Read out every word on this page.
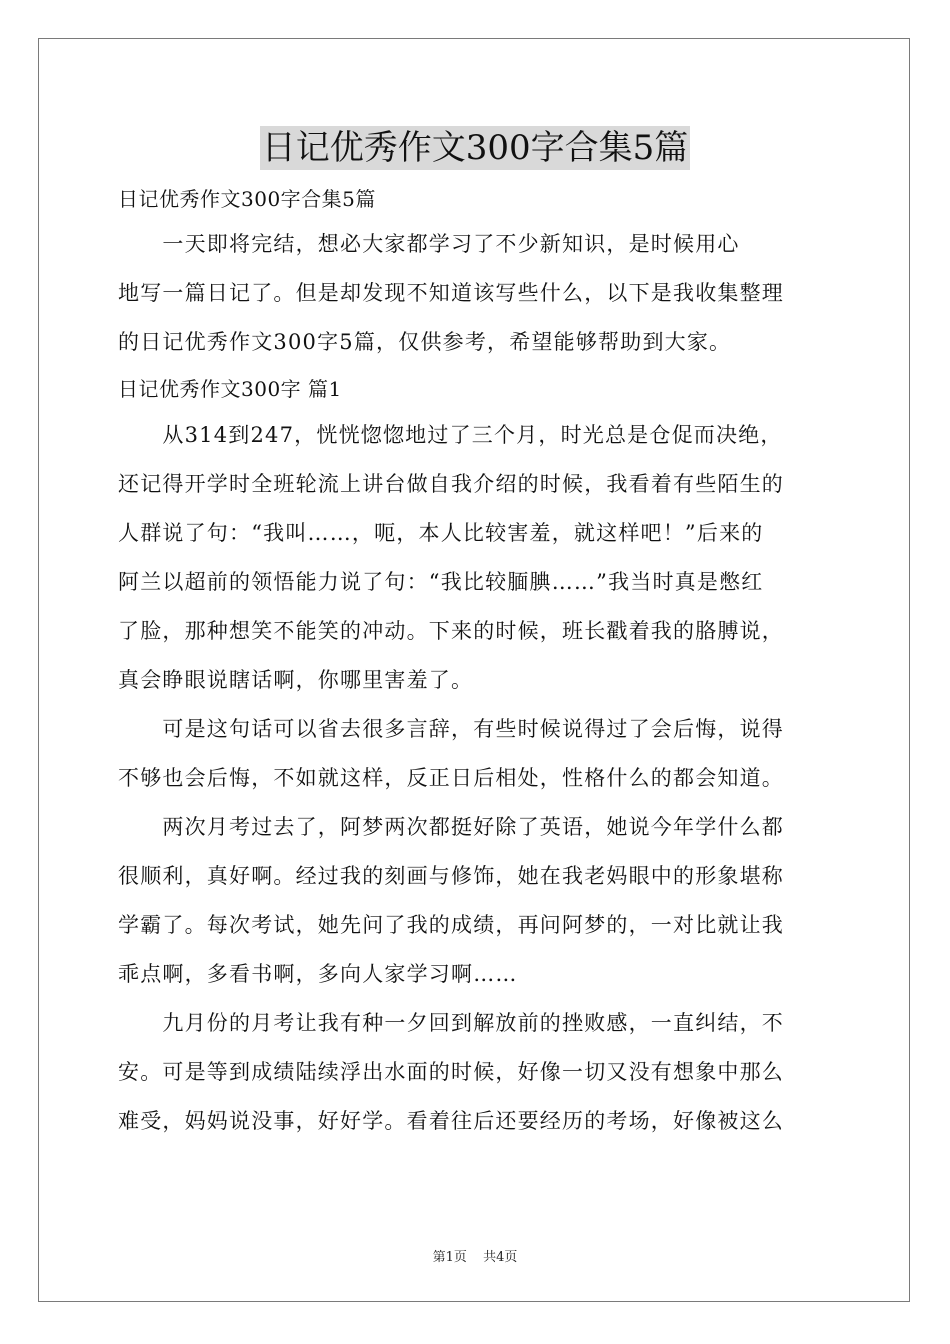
日记优秀作文300字合集5篇

日记优秀作文300字合集5篇

　　一天即将完结，想必大家都学习了不少新知识，是时候用心

地写一篇日记了。但是却发现不知道该写些什么，以下是我收集整理

的日记优秀作文300字5篇，仅供参考，希望能够帮助到大家。

日记优秀作文300字 篇1

　　从314到247，恍恍惚惚地过了三个月，时光总是仓促而决绝，

还记得开学时全班轮流上讲台做自我介绍的时候，我看着有些陌生的

人群说了句：“我叫……，呃，本人比较害羞，就这样吧！”后来的

阿兰以超前的领悟能力说了句：“我比较腼腆……”我当时真是憋红

了脸，那种想笑不能笑的冲动。下来的时候，班长戳着我的胳膊说，

真会睁眼说瞎话啊，你哪里害羞了。

　　可是这句话可以省去很多言辞，有些时候说得过了会后悔，说得

不够也会后悔，不如就这样，反正日后相处，性格什么的都会知道。

　　两次月考过去了，阿梦两次都挺好除了英语，她说今年学什么都

很顺利，真好啊。经过我的刻画与修饰，她在我老妈眼中的形象堪称

学霸了。每次考试，她先问了我的成绩，再问阿梦的，一对比就让我

乖点啊，多看书啊，多向人家学习啊……

　　九月份的月考让我有种一夕回到解放前的挫败感，一直纠结，不

安。可是等到成绩陆续浮出水面的时候，好像一切又没有想象中那么

难受，妈妈说没事，好好学。看着往后还要经历的考场，好像被这么

第1页 共4页
